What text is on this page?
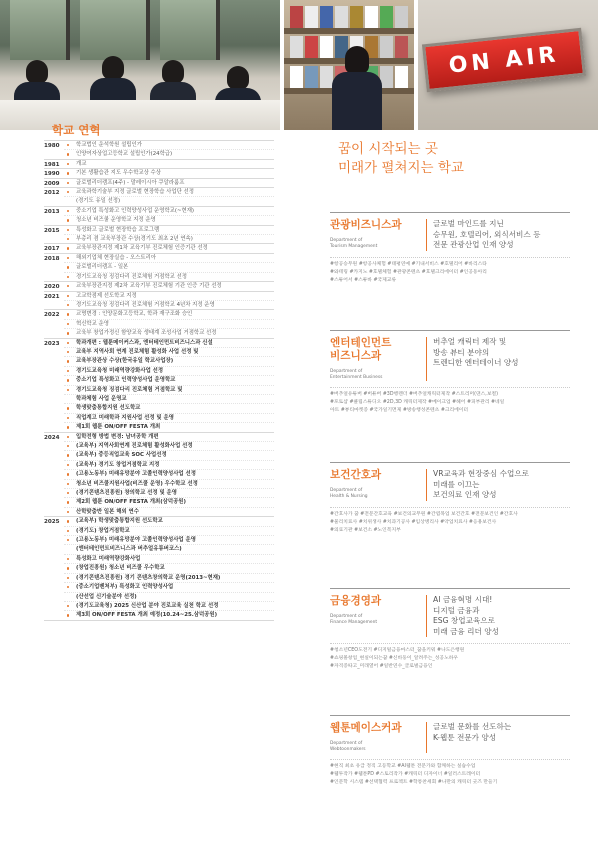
ON AIR
학교 연혁
1980	학교법인 운석학원 설립인가
인양여자상업고등학교 설립인가(24학급)
1981	개교
1990	기본 생활습관 지도 우수학교상 수상
2009	글로벌리더캠프(4주) - 말레이시아 쿠알라룸프
2012	교육과학기술부 지정 글로벌 현장학습 사업단 선정
(경기도 유일 선정)
2013	중소기업 특성화고 인력양성사업 운영학교(~현재)
청소년 비즈쿨 운영학교 지정 운영
2015	특성화고 글로벌 현장학습 프로그램
부총리 겸 교육부장관 수상(경기도 최초 2년 연속)
2017	교육부장관지정 제1차 교육기부 진로체험 인증기관 선정
2018	해외기업체 현장실습 - 오스트리아
글로벌리더캠프 - 일본
경기도교육청 징검다리 진로체험 거점학교 선정
2020	교육부장관지정 제2차 교육기부 진로체험 기관 인증 기관 선정
2021	고교학점제 선도학교 지정
경기도교육청 징검다리 진로체험 거점학교 4년차 지정 운영
2022	교명변경 : 인양문화고등학교, 학과 재구조화 승인
혁신학교 운영
교육부 창업가정신 함양교육 생태계 조성사업 거점학교 선정
2023	학과개편 : 웹툰메이커스과, 엔터테인먼트비즈니스과 신설
교육부 지역사회 연계 진로체험 활성화 사업 선정 및
교육부장관상 수상(한국유일 학교사업장)
경기도교육청 미래역량강화사업 선정
중소기업 특성화고 인력양성사업 운영학교
경기도교육청 징검다리 진로체험 거점학교 및
학과체험 사업 운영교
학생맞춤통합지원 선도학교
직업계고 미래학과 지원사업 선정 및 운영
제1회 웹툰 ON/OFF FESTA 개최
2024	입학전형 방법 변경: 남녀공학 개편
(교육부) 지역사회연계 진로체험 활성화사업 선정
(교육부) 중등직업교육 SOC 사업선정
(교육부) 경기도 창업거점학교 지정
(고용노동부) 미래유망분야 고졸인력양성사업 선정
청소년 비즈쿨지원사업(비즈쿨 운영) 우수학교 선정
(경기콘텐츠진흥원) 창의학교 선정 및 운영
제2회 웹툰 ON/OFF FESTA 개최(삼덕공원)
산학맞춤반 일본 해외 연수
2025	(교육부) 학생맞춤통합지원 선도학교
(경기도) 창업거점학교
(고용노동부) 미래유망분야 고졸인력양성사업 운영
(엔터테인먼트비즈니스과 버추얼유튜버코스)
특성화고 미래역량강화사업
(창업진흥원) 청소년 비즈쿨 우수학교
(경기콘텐츠진흥원) 경기 콘텐츠창의학교 운영(2013~현재)
(중소기업벤처부) 특성화고 인력양성사업
(산선업 신기술분야 선정)
(경기도교육청) 2025 신산업 분야 진로교육 실천 학교 선정
제3회 ON/OFF FESTA 개최 예정(10.24~25.삼덕공원)
꿈이 시작되는 곳
미래가 펼쳐지는 학교
관광비즈니스과
Department of
Tourism Management
글로벌 마인드를 지닌
승무원, 호텔리어, 외식서비스 등
전문 관광산업 인재 양성

#항공승무원 #항공사체험 #태평연예 #기내서비스 #호텔리어 #바리스타

#와테링 #카지노 #호텔체험 #관광콘텐츠 #호텔크리에이터 #인공동아리

#스튜어서 #스튜바 #국제교류

엔터테인먼트
비즈니스과
Department of
Entertainment Business
버추얼 캐릭터 제작 및
방송 뷰티 분야의
트렌디한 엔터테이너 양성

#버추얼유튜버 #버튜버 #3D행렌더 #버추얼캐릭터제작 #스트리머(댄스,보컬)

#포토샵 #클립스튜디오 #2D,3D 캐릭터제작 #메이크업 #헤어 #피부관리 #네일

아트 #뷰티마켓증 #국가일기면제 #방송행성콘텐츠 #크리에이터

보건간호과
Department of
Health & Nursing
VR교육과 현장중심 수업으로
미래를 이끄는
보건의료 인재 양성

#간호사가 꿈 #전문간호교육 #보건의교무원 #간엽목업 보건간호 #전문보건인 #간호사

#물리치료사 #치위생사 #치과기공사 #임상병리사 #약업치료사 #응용보건사

#의료기관 #보건소 #노인복지부

금융경영과
Department of
Finance Management
AI 금융혁명 시대!
디지털 금융과
ESG 창업교육으로
미래 금융 리더 양성

#청소년CEO도전기 #디지털금융마스터_꿈을키워 #나도은행원

#쇼핑몰창업_현실이되는꿈 #신바둥이_알려주는_성공노하우

#자격증따고_미래열어 #일반연수_글로벌금융인

웹툰메이스커과
Department of
Webtoonmakers
글로벌 문화를 선도하는
K-웹툰 전문가 양성

#현직 최초 유급 정직 고등학교 #AI웹툰 전문가와 함께하는 실습수업

#웹투작가 #웹툰PD #스토리작가 #캐릭터 디자이너 #일러스트레이터

#인문학 시스템 #선택협력 프로젝트 #학통찬셰회 #나만의 캐릭터 굿즈 만들기
